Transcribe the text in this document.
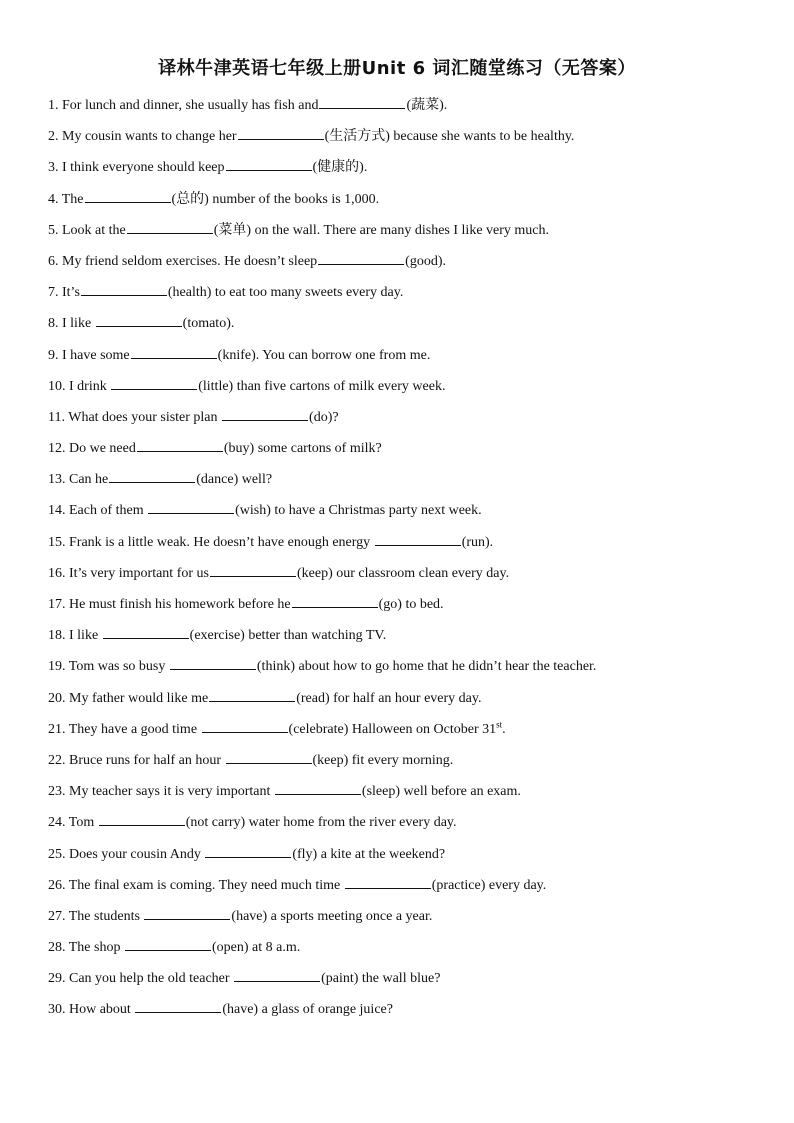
译林牛津英语七年级上册Unit 6 词汇随堂练习（无答案）
1. For lunch and dinner, she usually has fish and	(蔬菜).
2. My cousin wants to change her	(生活方式) because she wants to be healthy.
3. I think everyone should keep	(健康的).
4. The	(总的) number of the books is 1,000.
5. Look at the	(菜单) on the wall. There are many dishes I like very much.
6. My friend seldom exercises. He doesn’t sleep	(good).
7. It’s	(health) to eat too many sweets every day.
8. I like	(tomato).
9. I have some	(knife). You can borrow one from me.
10. I drink	(little) than five cartons of milk every week.
11. What does your sister plan	(do)?
12. Do we need	(buy) some cartons of milk?
13. Can he	(dance) well?
14. Each of them	(wish) to have a Christmas party next week.
15. Frank is a little weak. He doesn’t have enough energy	(run).
16. It’s very important for us	(keep) our classroom clean every day.
17. He must finish his homework before he	(go) to bed.
18. I like	(exercise) better than watching TV.
19. Tom was so busy	(think) about how to go home that he didn’t hear the teacher.
20. My father would like me	(read) for half an hour every day.
21. They have a good time	(celebrate) Halloween on October 31st.
22. Bruce runs for half an hour	(keep) fit every morning.
23. My teacher says it is very important	(sleep) well before an exam.
24. Tom	(not carry) water home from the river every day.
25. Does your cousin Andy	(fly) a kite at the weekend?
26. The final exam is coming. They need much time	(practice) every day.
27. The students	(have) a sports meeting once a year.
28. The shop	(open) at 8 a.m.
29. Can you help the old teacher	(paint) the wall blue?
30. How about	(have) a glass of orange juice?
